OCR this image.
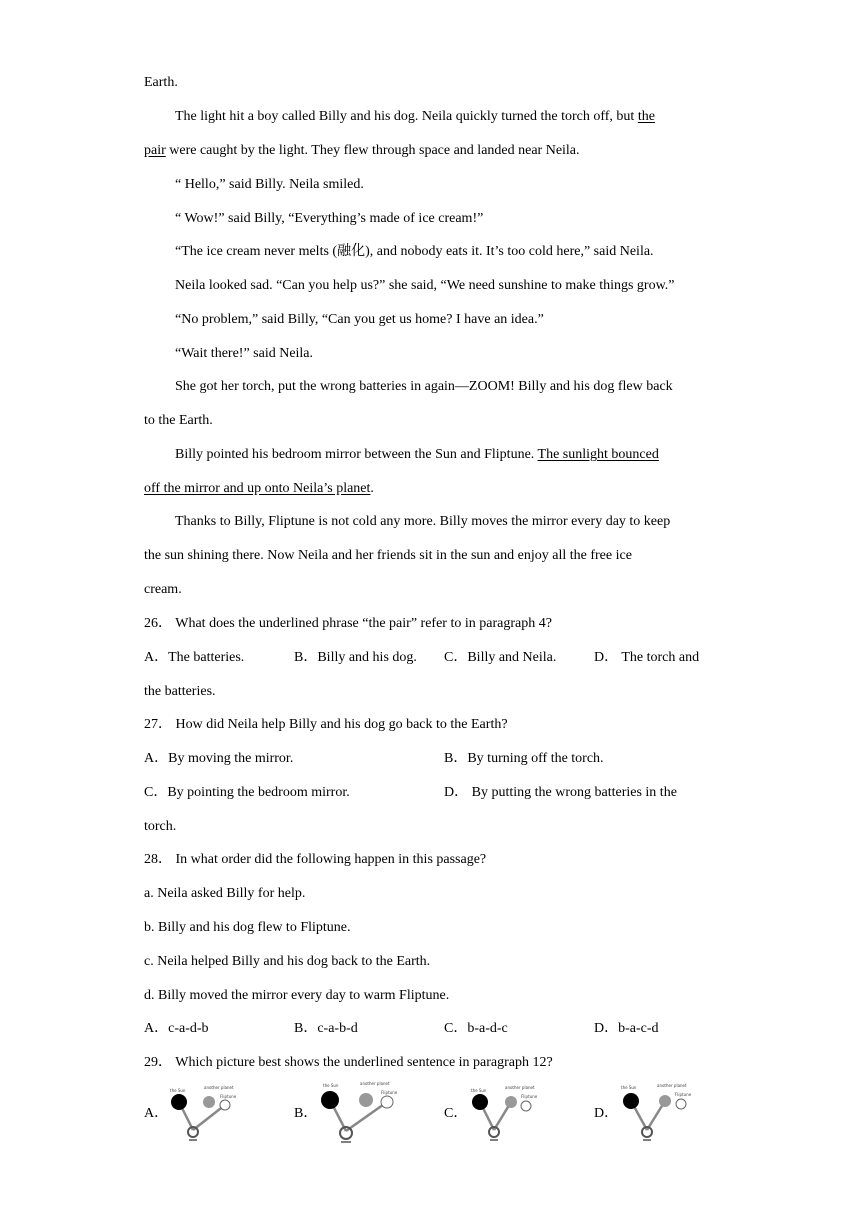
Earth.
The light hit a boy called Billy and his dog. Neila quickly turned the torch off, but the
pair were caught by the light. They flew through space and landed near Neila.
“ Hello,” said Billy. Neila smiled.
“ Wow!” said Billy, “Everything’s made of ice cream!”
“The ice cream never melts (融化), and nobody eats it. It’s too cold here,” said Neila.
Neila looked sad. “Can you help us?” she said, “We need sunshine to make things grow.”
“No problem,” said Billy, “Can you get us home? I have an idea.”
“Wait there!” said Neila.
She got her torch, put the wrong batteries in again—ZOOM! Billy and his dog flew back
to the Earth.
Billy pointed his bedroom mirror between the Sun and Fliptune. The sunlight bounced
off the mirror and up onto Neila’s planet.
Thanks to Billy, Fliptune is not cold any more. Billy moves the mirror every day to keep
the sun shining there. Now Neila and her friends sit in the sun and enjoy all the free ice
cream.
26． What does the underlined phrase “the pair” refer to in paragraph 4?
A．The batteries.	B．Billy and his dog. C．Billy and Neila.	D． The torch and
the batteries.
27． How did Neila help Billy and his dog go back to the Earth?
A．By moving the mirror.	B．By turning off the torch.
C．By pointing the bedroom mirror.	D． By putting the wrong batteries in the
torch.
28． In what order did the following happen in this passage?
a. Neila asked Billy for help.
b. Billy and his dog flew to Fliptune.
c. Neila helped Billy and his dog back to the Earth.
d. Billy moved the mirror every day to warm Fliptune.
A．c-a-d-b	B．c-a-b-d	C．b-a-d-c	D．b-a-c-d
29． Which picture best shows the underlined sentence in paragraph 12?
A．
the Sun
another planet
Fliptune
B．
the Sun	another planet
Fliptune
C．
the Sun
another planet
Fliptune
D．
the Sun	another planet
Fliptune
